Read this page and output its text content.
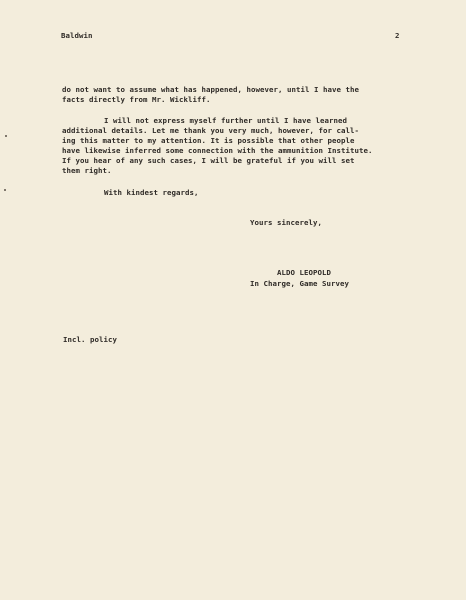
Baldwin	2
do not want to assume what has happened, however, until I have the
facts directly from Mr. Wickliff.
I will not express myself further until I have learned
additional details. Let me thank you very much, however, for call-
ing this matter to my attention. It is possible that other people
have likewise inferred some connection with the ammunition Institute.
If you hear of any such cases, I will be grateful if you will set
them right.
With kindest regards,
Yours sincerely,
ALDO LEOPOLD
In Charge, Game Survey
Incl. policy
